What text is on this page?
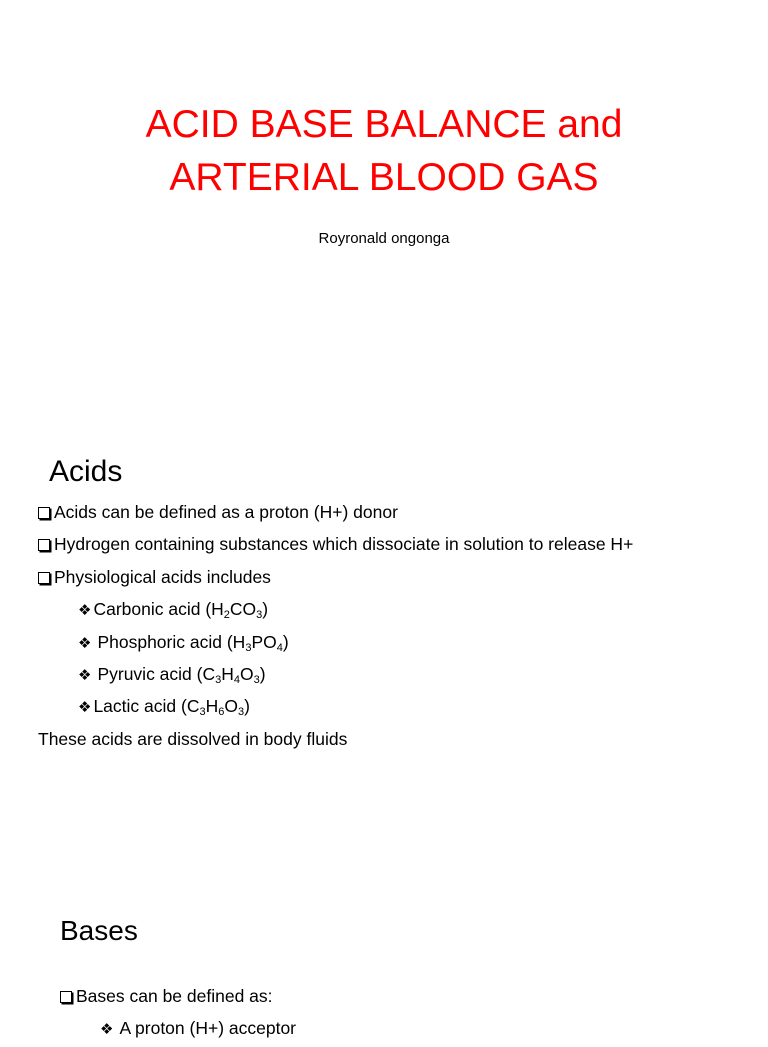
ACID BASE BALANCE and
ARTERIAL BLOOD GAS

Royronald ongonga

Acids
Acids can be defined as a proton (H+) donor
Hydrogen containing substances which dissociate in solution to release H+
Physiological acids includes
❖ Carbonic acid $(H_2CO_3)$
❖ Phosphoric acid $(H_3PO_4)$
❖ Pyruvic acid $(C_3H_4O_3)$
❖ Lactic acid $(C_3H_6O_3)$
These acids are dissolved in body fluids
Bases
Bases can be defined as:
❖ A proton (H+) acceptor
